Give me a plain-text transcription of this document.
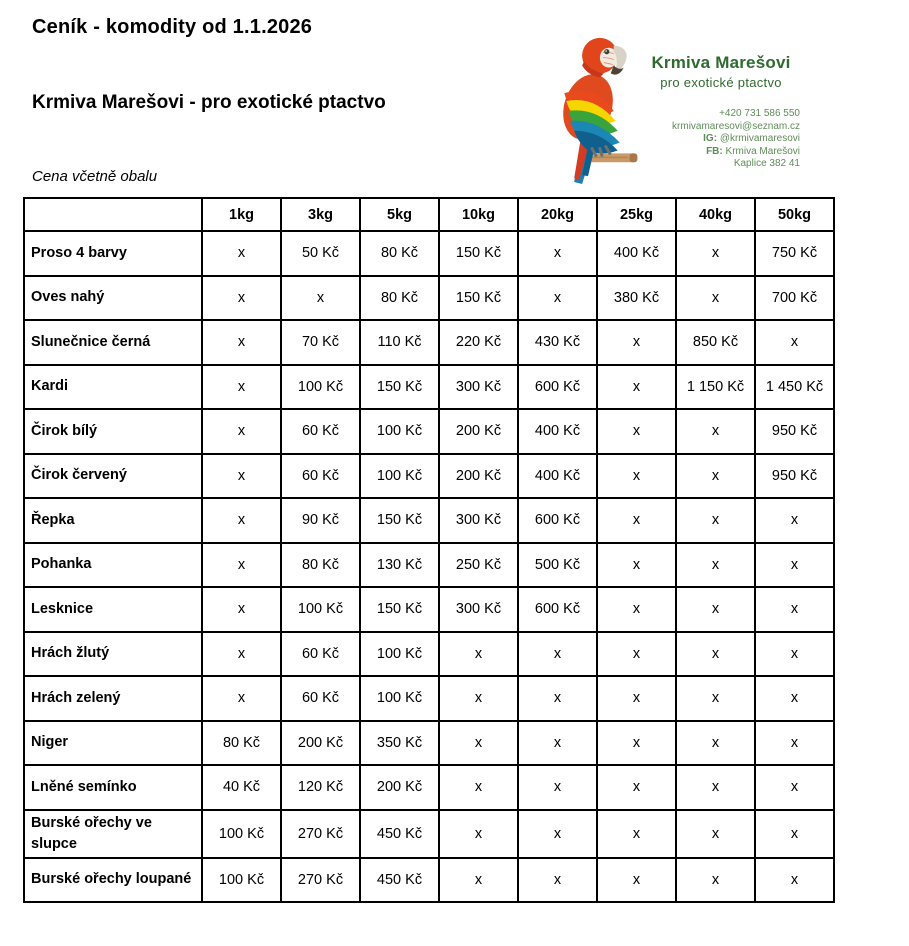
Ceník - komodity od 1.1.2026
Krmiva Marešovi - pro exotické ptactvo
Cena včetně obalu
Krmiva Marešovi
pro exotické ptactvo
+420 731 586 550
krmivamaresovi@seznam.cz
IG: @krmivamaresovi
FB: Krmiva Marešovi
Kaplice 382 41
	1kg	3kg	5kg	10kg	20kg	25kg	40kg	50kg
Proso 4 barvy	x	50 Kč	80 Kč	150 Kč	x	400 Kč	x	750 Kč
Oves nahý	x	x	80 Kč	150 Kč	x	380 Kč	x	700 Kč
Slunečnice černá	x	70 Kč	110 Kč	220 Kč	430 Kč	x	850 Kč	x
Kardi	x	100 Kč	150 Kč	300 Kč	600 Kč	x	1 150 Kč	1 450 Kč
Čirok bílý	x	60 Kč	100 Kč	200 Kč	400 Kč	x	x	950 Kč
Čirok červený	x	60 Kč	100 Kč	200 Kč	400 Kč	x	x	950 Kč
Řepka	x	90 Kč	150 Kč	300 Kč	600 Kč	x	x	x
Pohanka	x	80 Kč	130 Kč	250 Kč	500 Kč	x	x	x
Lesknice	x	100 Kč	150 Kč	300 Kč	600 Kč	x	x	x
Hrách žlutý	x	60 Kč	100 Kč	x	x	x	x	x
Hrách zelený	x	60 Kč	100 Kč	x	x	x	x	x
Niger	80 Kč	200 Kč	350 Kč	x	x	x	x	x
Lněné semínko	40 Kč	120 Kč	200 Kč	x	x	x	x	x
Burské ořechy ve slupce	100 Kč	270 Kč	450 Kč	x	x	x	x	x
Burské ořechy loupané	100 Kč	270 Kč	450 Kč	x	x	x	x	x
